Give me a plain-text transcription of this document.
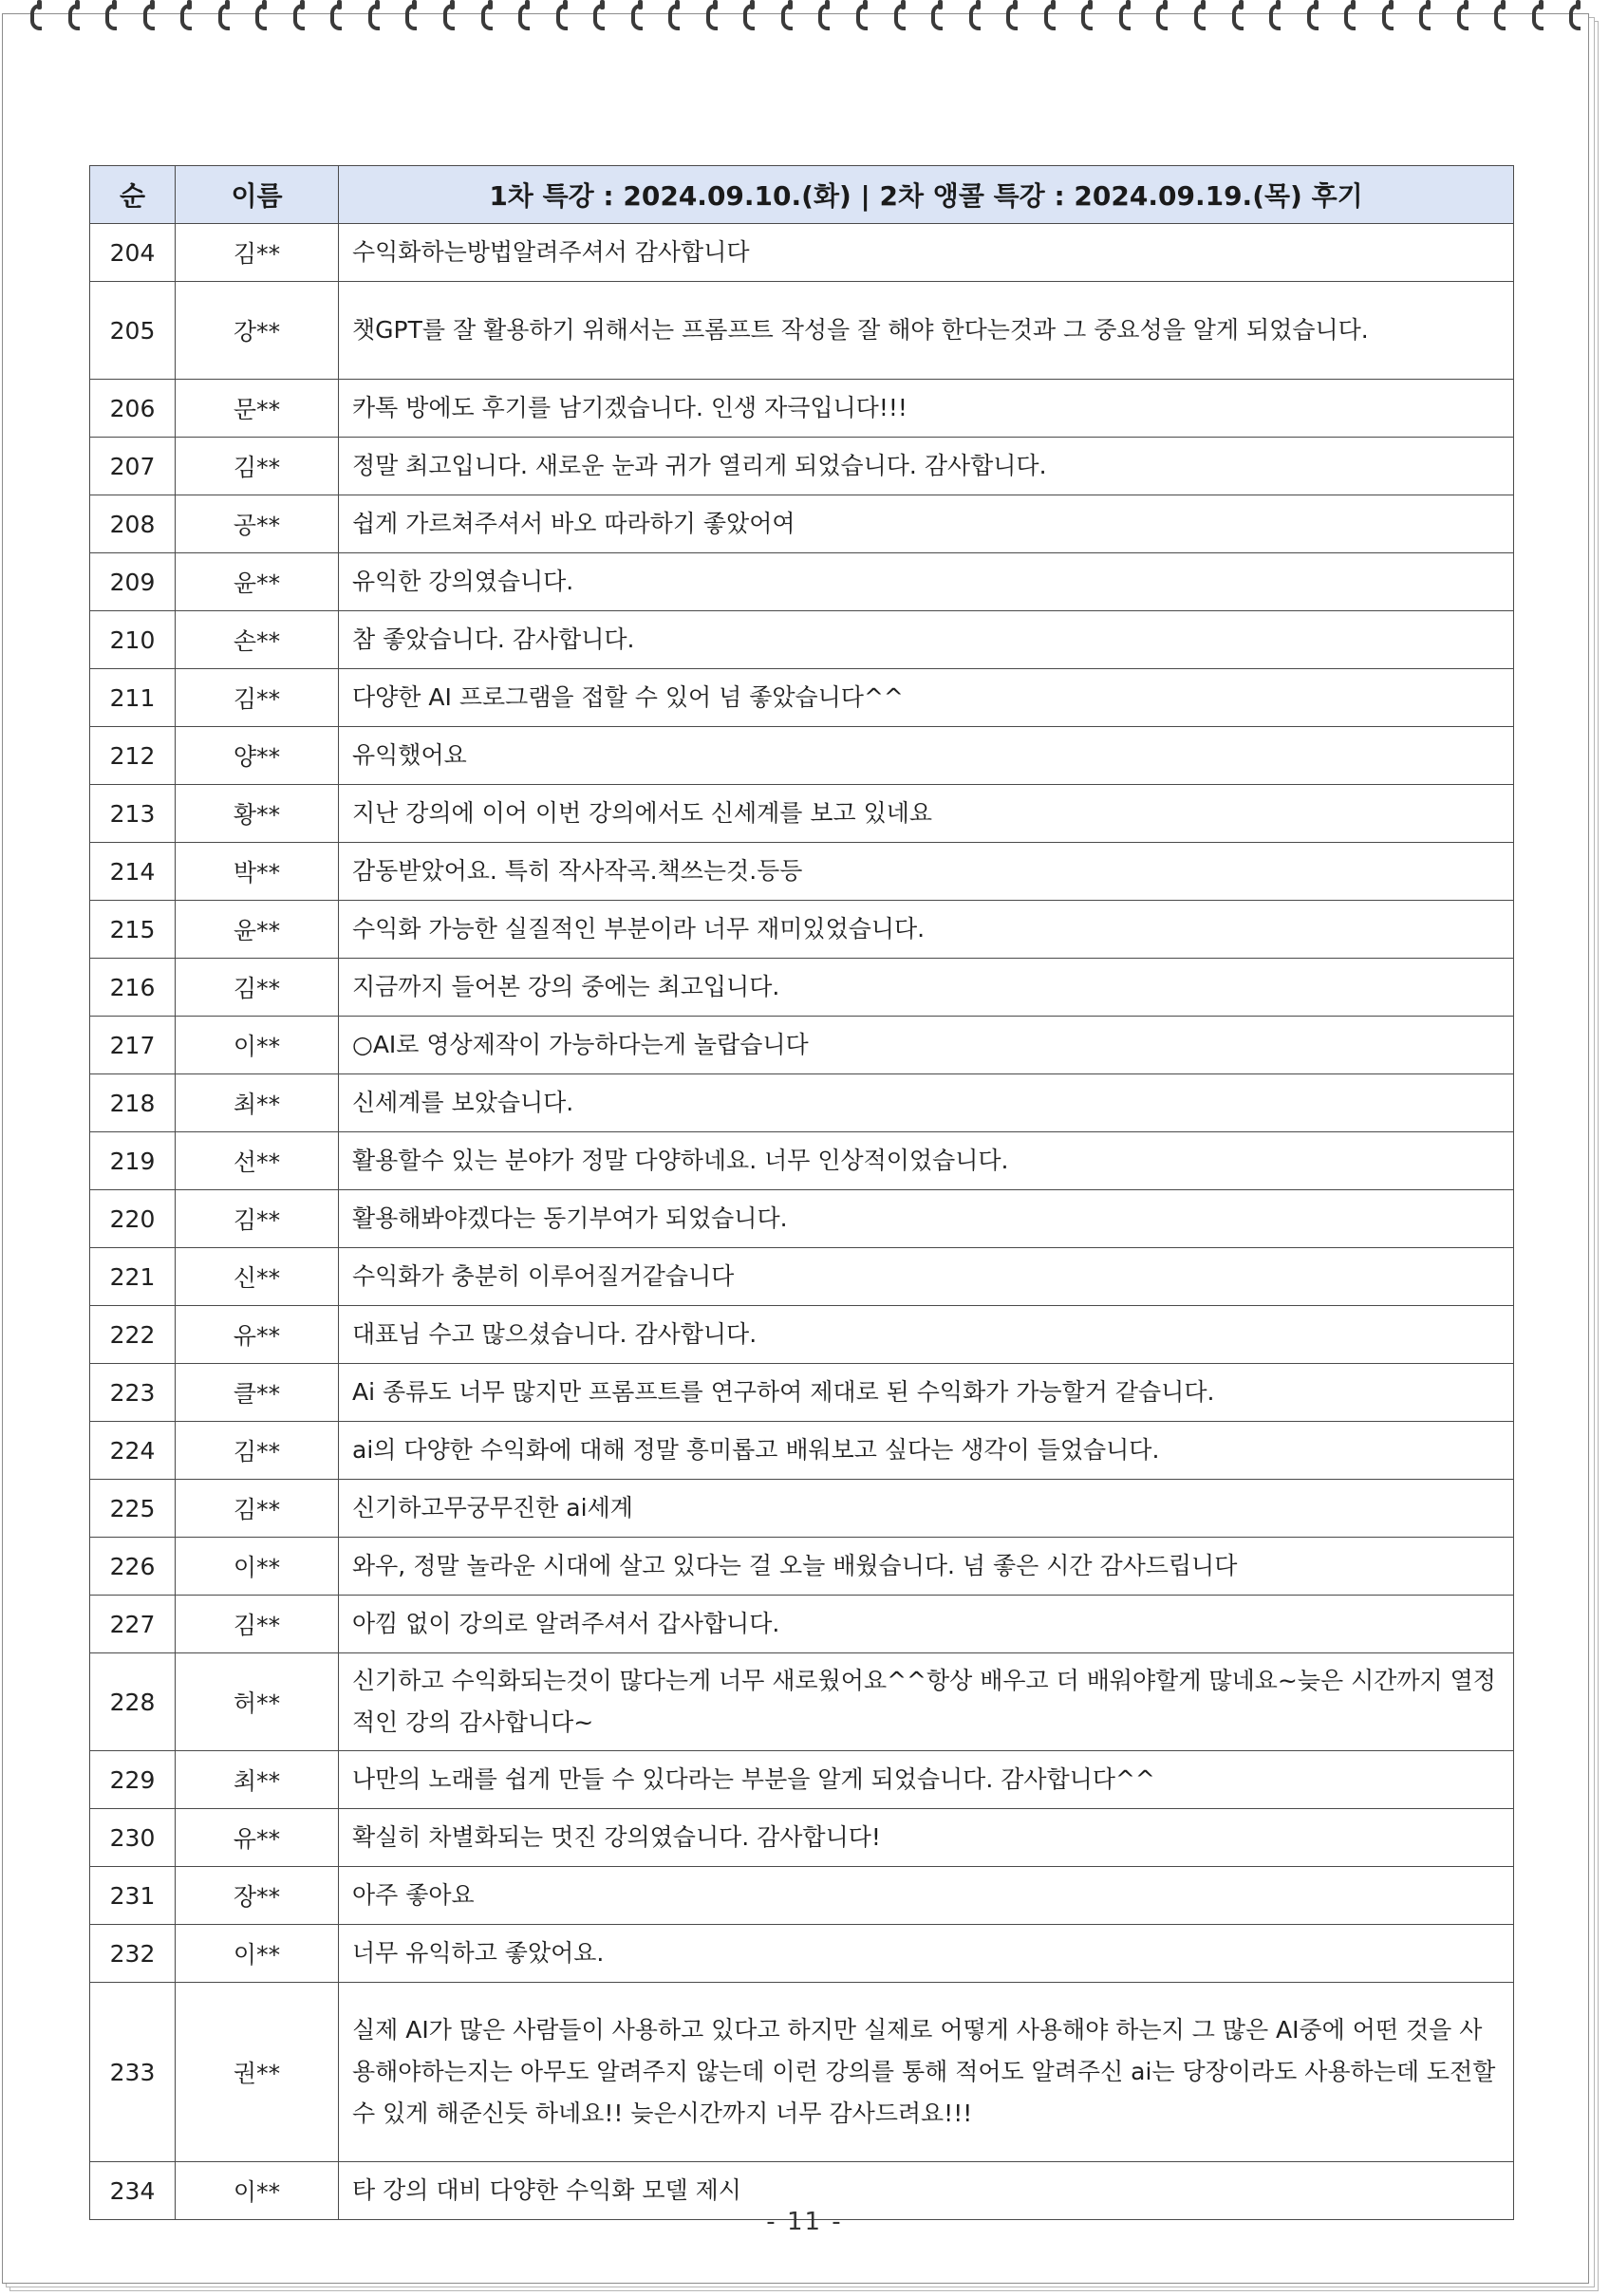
순	이름	1차 특강 : 2024.09.10.(화) | 2차 앵콜 특강 : 2024.09.19.(목) 후기
204	김**	수익화하는방법알려주셔서 감사합니다
205	강**	챗GPT를 잘 활용하기 위해서는 프롬프트 작성을 잘 해야 한다는것과 그 중요성을 알게 되었습니다.
206	문**	카톡 방에도 후기를 남기겠습니다. 인생 자극입니다!!!
207	김**	정말 최고입니다. 새로운 눈과 귀가 열리게 되었습니다. 감사합니다.
208	공**	쉽게 가르쳐주셔서 바오 따라하기 좋았어여
209	윤**	유익한 강의였습니다.
210	손**	참 좋았습니다. 감사합니다.
211	김**	다양한 AI 프로그램을 접할 수 있어 넘 좋았습니다^^
212	양**	유익했어요
213	황**	지난 강의에 이어 이번 강의에서도 신세계를 보고 있네요
214	박**	감동받았어요. 특히 작사작곡.책쓰는것.등등
215	윤**	수익화 가능한 실질적인 부분이라 너무 재미있었습니다.
216	김**	지금까지 들어본 강의 중에는 최고입니다.
217	이**	○AI로 영상제작이 가능하다는게 놀랍습니다
218	최**	신세계를 보았습니다.
219	선**	활용할수 있는 분야가 정말 다양하네요. 너무 인상적이었습니다.
220	김**	활용해봐야겠다는 동기부여가 되었습니다.
221	신**	수익화가 충분히 이루어질거같습니다
222	유**	대표님 수고 많으셨습니다. 감사합니다.
223	클**	Ai 종류도 너무 많지만 프롬프트를 연구하여 제대로 된 수익화가 가능할거 같습니다.
224	김**	ai의 다양한 수익화에 대해 정말 흥미롭고 배워보고 싶다는 생각이 들었습니다.
225	김**	신기하고무궁무진한 ai세계
226	이**	와우, 정말 놀라운 시대에 살고 있다는 걸 오늘 배웠습니다. 넘 좋은 시간 감사드립니다
227	김**	아낌 없이 강의로 알려주셔서 갑사합니다.
228	허**	신기하고 수익화되는것이 많다는게 너무 새로웠어요^^항상 배우고 더 배워야할게 많네요~늦은 시간까지 열정적인 강의 감사합니다~
229	최**	나만의 노래를 쉽게 만들 수 있다라는 부분을 알게 되었습니다. 감사합니다^^
230	유**	확실히 차별화되는 멋진 강의였습니다. 감사합니다!
231	장**	아주 좋아요
232	이**	너무 유익하고 좋았어요.
233	권**	실제 AI가 많은 사람들이 사용하고 있다고 하지만 실제로 어떻게 사용해야 하는지 그 많은 AI중에 어떤 것을 사용해야하는지는 아무도 알려주지 않는데 이런 강의를 통해 적어도 알려주신 ai는 당장이라도 사용하는데 도전할 수 있게 해준신듯 하네요!! 늦은시간까지 너무 감사드려요!!!
234	이**	타 강의 대비 다양한 수익화 모델 제시
- 11 -
